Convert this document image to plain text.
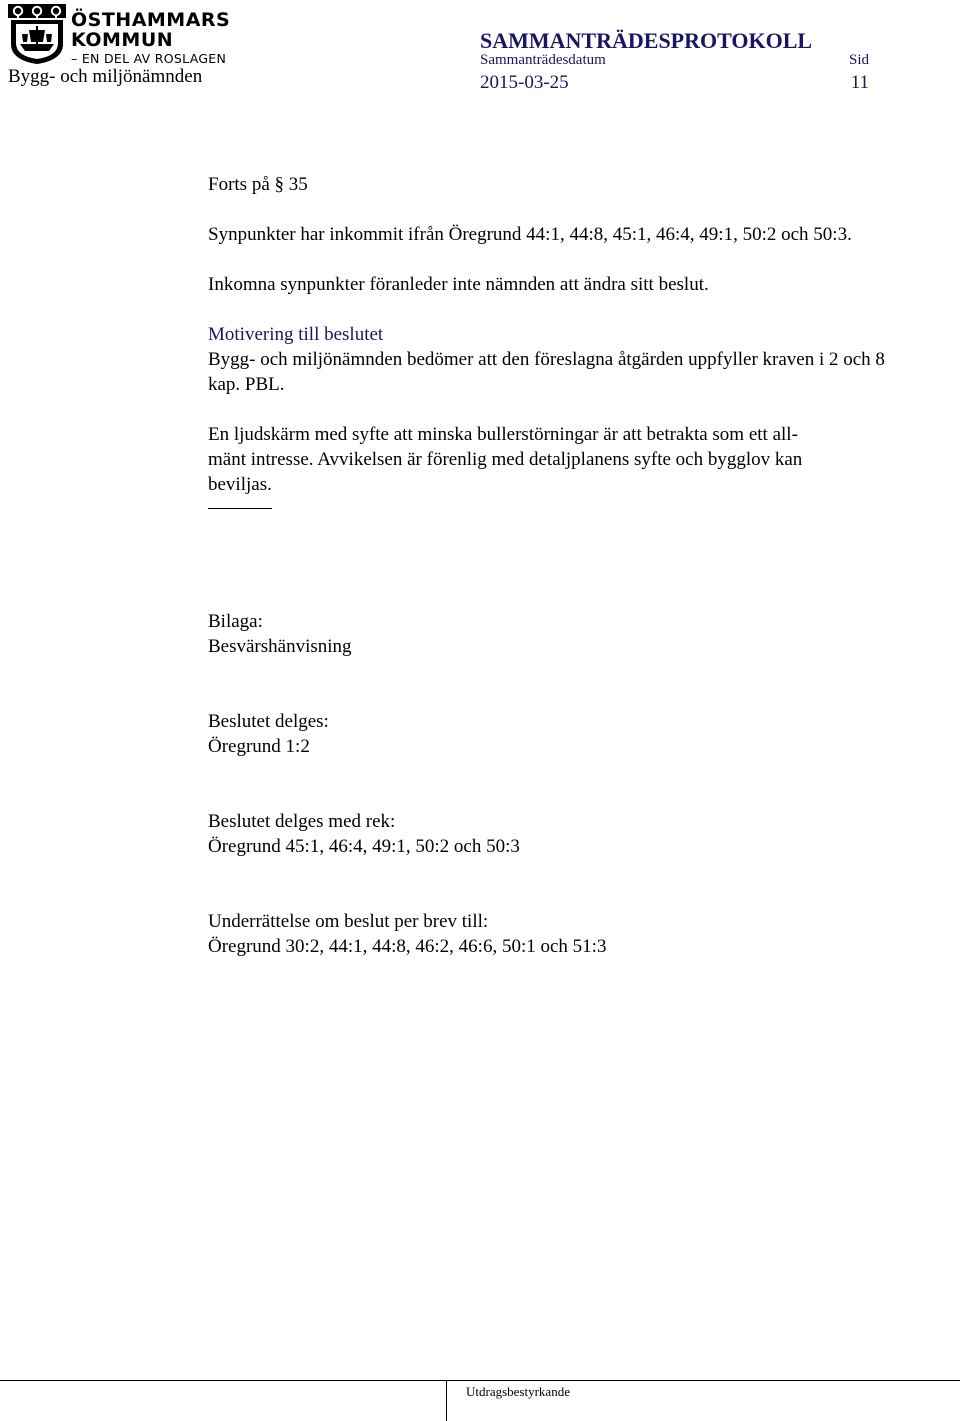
ÖSTHAMMARS
KOMMUN
– EN DEL AV ROSLAGEN
Bygg- och miljönämnden
SAMMANTRÄDESPROTOKOLL
Sammanträdesdatum	Sid
2015-03-25	11

Forts på § 35

Synpunkter har inkommit ifrån Öregrund 44:1, 44:8, 45:1, 46:4, 49:1, 50:2 och 50:3.

Inkomna synpunkter föranleder inte nämnden att ändra sitt beslut.

Motivering till beslutet

Bygg- och miljönämnden bedömer att den föreslagna åtgärden uppfyller kraven i 2 och 8 kap. PBL.

En ljudskärm med syfte att minska bullerstörningar är att betrakta som ett all-

mänt intresse. Avvikelsen är förenlig med detaljplanens syfte och bygglov kan

beviljas.

Bilaga:

Besvärshänvisning

Beslutet delges:

Öregrund 1:2

Beslutet delges med rek:

Öregrund 45:1, 46:4, 49:1, 50:2 och 50:3

Underrättelse om beslut per brev till:

Öregrund 30:2, 44:1, 44:8, 46:2, 46:6, 50:1 och 51:3

Utdragsbestyrkande
